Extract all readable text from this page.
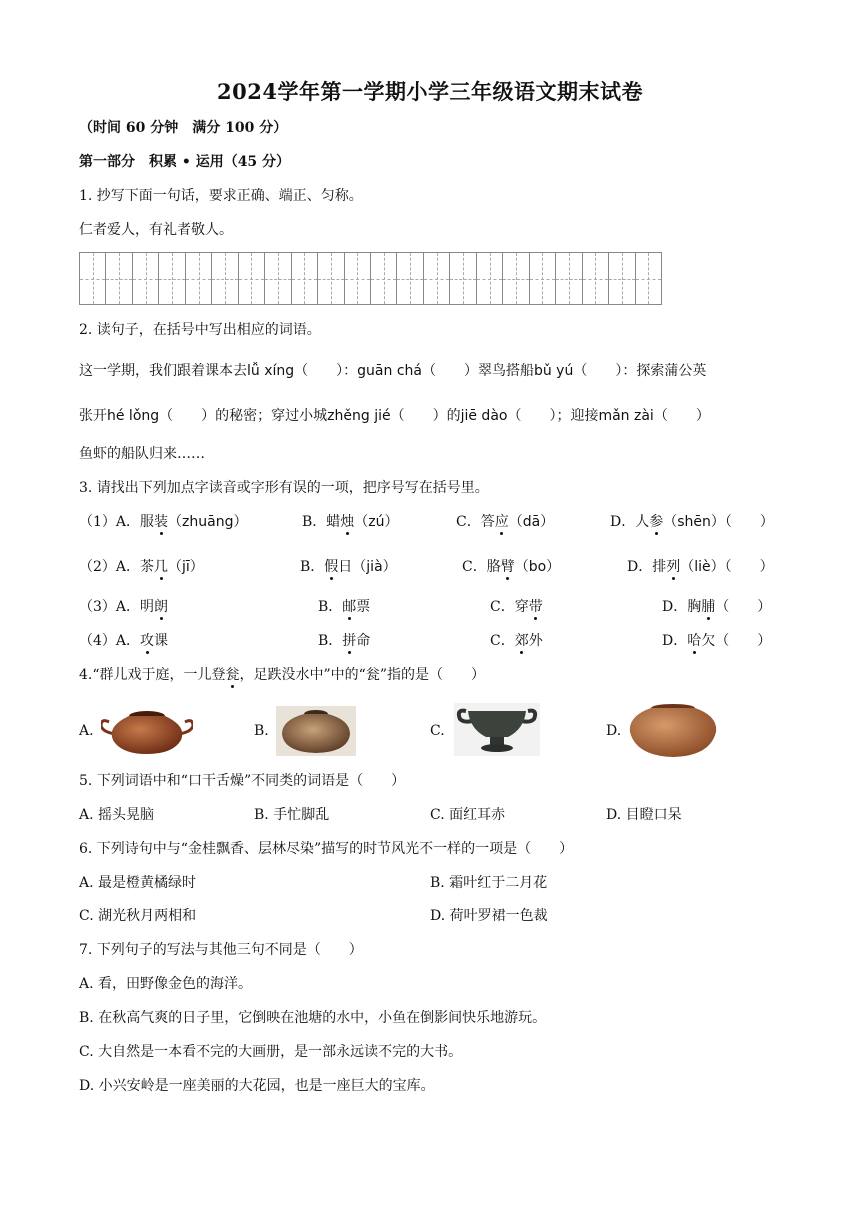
2024学年第一学期小学三年级语文期末试卷
（时间 60 分钟　满分 100 分）
第一部分　积累 • 运用（45 分）
1. 抄写下面一句话，要求正确、端正、匀称。
仁者爱人，有礼者敬人。
2. 读句子，在括号中写出相应的词语。
这一学期，我们跟着课本去lǚ xíng（　　）：guān chá（　　）翠鸟搭船bǔ yú（　　）：探索蒲公英
张开hé lǒng（　　）的秘密；穿过小城zhěng jié（　　）的jiē dào（　　）；迎接mǎn zài（　　）
鱼虾的船队归来……
3. 请找出下列加点字读音或字形有误的一项，把序号写在括号里。
（1）A．服装（zhuāng）	B．蜡烛（zú）	C．答应（dā）	D．人参（shēn）（　　）
（2）A．茶几（jī）	B．假日（jià）	C．胳臂（bo）	D．排列（liè）（　　）
（3）A．明朗	B．邮票	C．穿带	D．胸脯（　　）
（4）A．攻课	B．拼命	C．郊外	D．哈欠（　　）
4.“群儿戏于庭，一儿登瓮，足跌没水中”中的“瓮”指的是（　　）
A.	B.	C.	D.
5. 下列词语中和“口干舌燥”不同类的词语是（　　）
A. 摇头晃脑	B. 手忙脚乱	C. 面红耳赤	D. 目瞪口呆
6. 下列诗句中与“金桂飘香、层林尽染”描写的时节风光不一样的一项是（　　）
A. 最是橙黄橘绿时	B. 霜叶红于二月花
C. 湖光秋月两相和	D. 荷叶罗裙一色裁
7. 下列句子的写法与其他三句不同是（　　）
A. 看，田野像金色的海洋。
B. 在秋高气爽的日子里，它倒映在池塘的水中，小鱼在倒影间快乐地游玩。
C. 大自然是一本看不完的大画册，是一部永远读不完的大书。
D. 小兴安岭是一座美丽的大花园，也是一座巨大的宝库。
